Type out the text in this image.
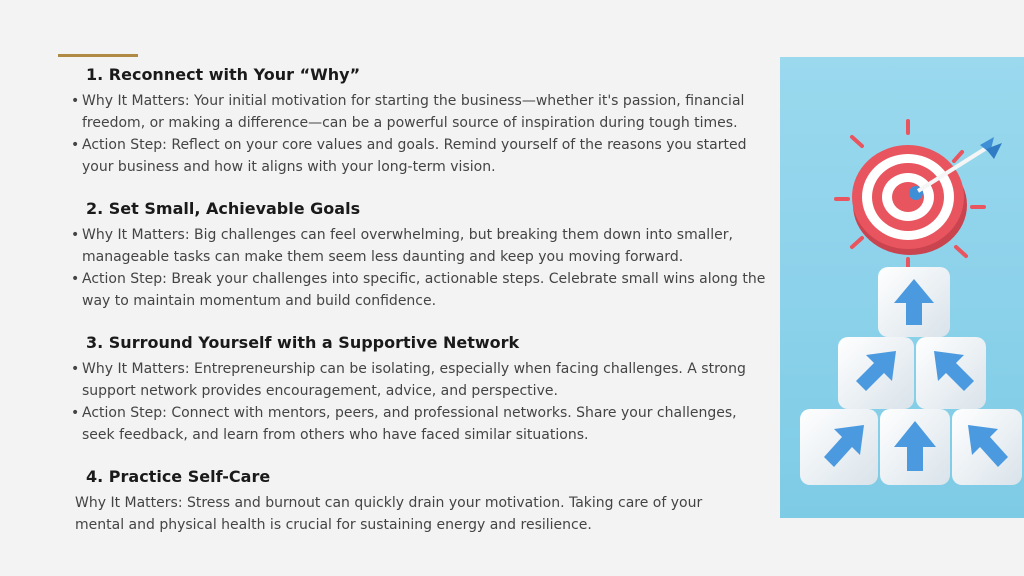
1. Reconnect with Your “Why”
• Why It Matters: Your initial motivation for starting the business—whether it's passion, financial freedom, or making a difference—can be a powerful source of inspiration during tough times.
• Action Step: Reflect on your core values and goals. Remind yourself of the reasons you started your business and how it aligns with your long-term vision.
2. Set Small, Achievable Goals
• Why It Matters: Big challenges can feel overwhelming, but breaking them down into smaller, manageable tasks can make them seem less daunting and keep you moving forward.
• Action Step: Break your challenges into specific, actionable steps. Celebrate small wins along the way to maintain momentum and build confidence.
3. Surround Yourself with a Supportive Network
• Why It Matters: Entrepreneurship can be isolating, especially when facing challenges. A strong support network provides encouragement, advice, and perspective.
• Action Step: Connect with mentors, peers, and professional networks. Share your challenges, seek feedback, and learn from others who have faced similar situations.
4. Practice Self-Care

Why It Matters: Stress and burnout can quickly drain your motivation. Taking care of your mental and physical health is crucial for sustaining energy and resilience.
